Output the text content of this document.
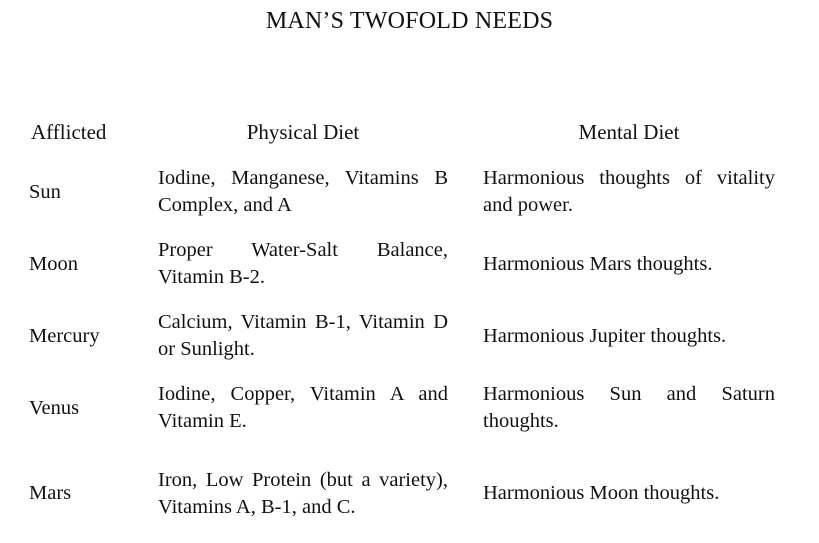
MAN’S TWOFOLD NEEDS
Afflicted	Physical Diet	Mental Diet
Sun
Iodine, Manganese, Vitamins B Complex, and A
Harmonious thoughts of vitality and power.
Moon
Proper Water-Salt Balance, Vitamin B-2.
Harmonious Mars thoughts.
Mercury
Calcium, Vitamin B-1, Vitamin D or Sunlight.
Harmonious Jupiter thoughts.
Venus
Iodine, Copper, Vitamin A and Vitamin E.
Harmonious Sun and Saturn thoughts.
Mars
Iron, Low Protein (but a variety), Vitamins A, B-1, and C.
Harmonious Moon thoughts.
